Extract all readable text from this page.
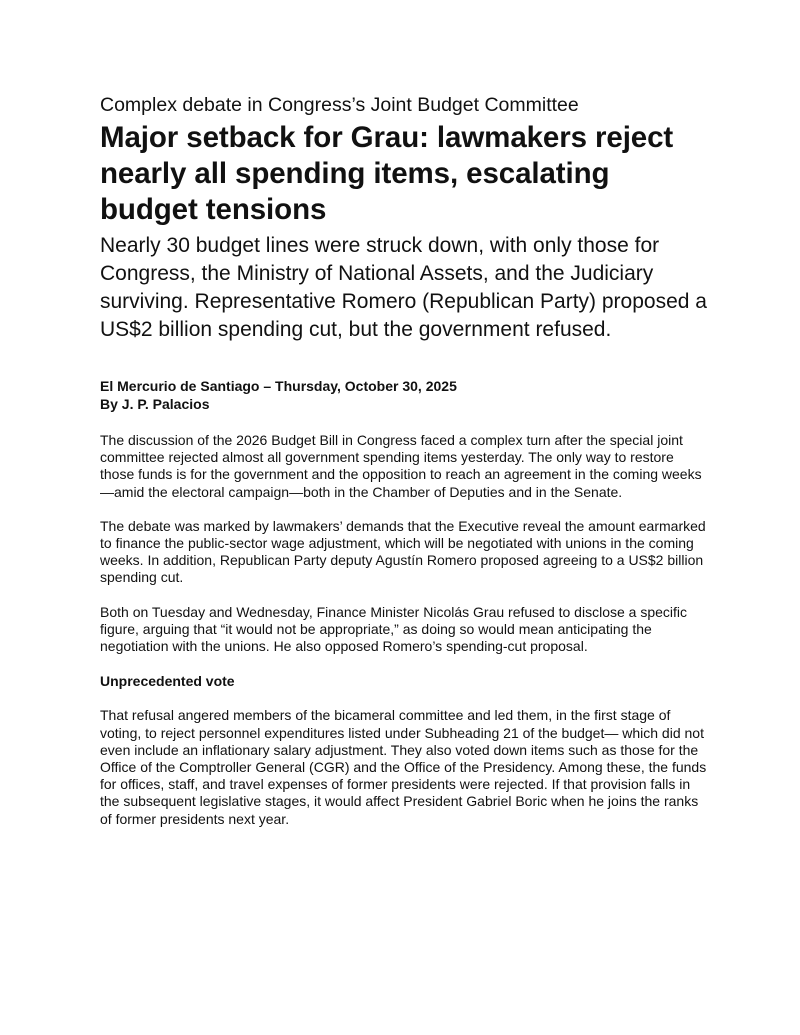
Complex debate in Congress’s Joint Budget Committee
Major setback for Grau: lawmakers reject nearly all spending items, escalating budget tensions

Nearly 30 budget lines were struck down, with only those for Congress, the Ministry of National Assets, and the Judiciary surviving. Representative Romero (Republican Party) proposed a US$2 billion spending cut, but the government refused.

El Mercurio de Santiago – Thursday, October 30, 2025
By J. P. Palacios

The discussion of the 2026 Budget Bill in Congress faced a complex turn after the special joint committee rejected almost all government spending items yesterday. The only way to restore those funds is for the government and the opposition to reach an agreement in the coming weeks—amid the electoral campaign—both in the Chamber of Deputies and in the Senate.

The debate was marked by lawmakers’ demands that the Executive reveal the amount earmarked to finance the public-sector wage adjustment, which will be negotiated with unions in the coming weeks. In addition, Republican Party deputy Agustín Romero proposed agreeing to a US$2 billion spending cut.

Both on Tuesday and Wednesday, Finance Minister Nicolás Grau refused to disclose a specific figure, arguing that “it would not be appropriate,” as doing so would mean anticipating the negotiation with the unions. He also opposed Romero’s spending-cut proposal.

Unprecedented vote

That refusal angered members of the bicameral committee and led them, in the first stage of voting, to reject personnel expenditures listed under Subheading 21 of the budget— which did not even include an inflationary salary adjustment. They also voted down items such as those for the Office of the Comptroller General (CGR) and the Office of the Presidency. Among these, the funds for offices, staff, and travel expenses of former presidents were rejected. If that provision falls in the subsequent legislative stages, it would affect President Gabriel Boric when he joins the ranks of former presidents next year.
